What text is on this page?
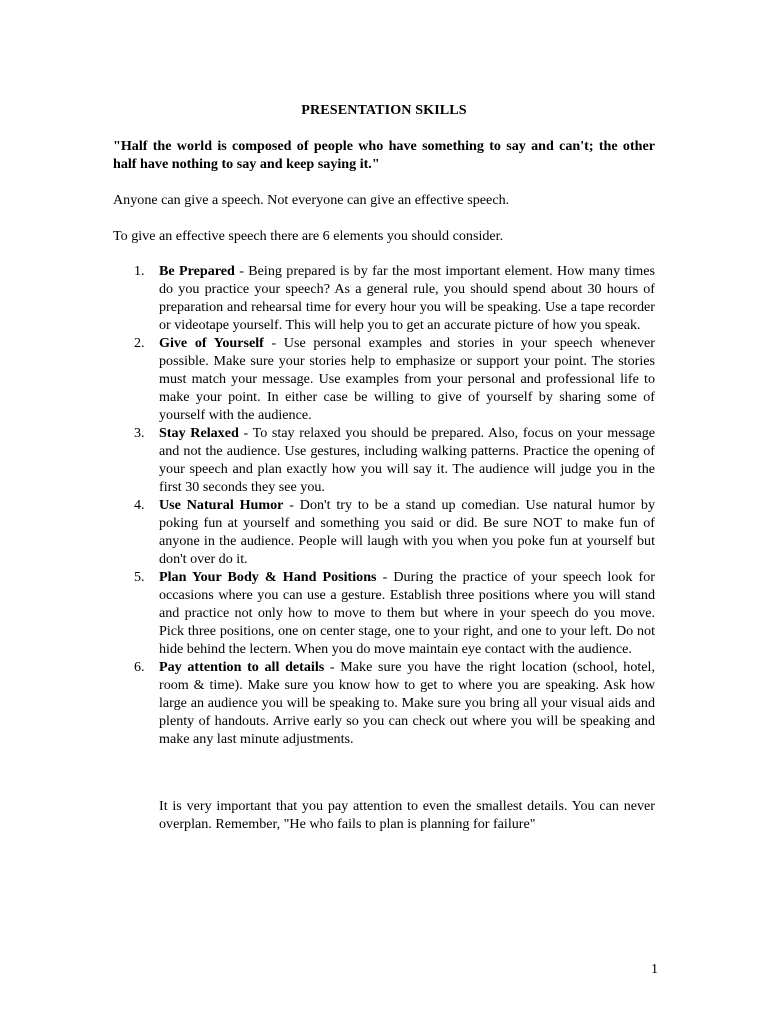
PRESENTATION SKILLS
"Half the world is composed of people who have something to say and can't; the other half have nothing to say and keep saying it."
Anyone can give a speech. Not everyone can give an effective speech.
To give an effective speech there are 6 elements you should consider.
1. Be Prepared - Being prepared is by far the most important element. How many times do you practice your speech? As a general rule, you should spend about 30 hours of preparation and rehearsal time for every hour you will be speaking. Use a tape recorder or videotape yourself. This will help you to get an accurate picture of how you speak.
2. Give of Yourself - Use personal examples and stories in your speech whenever possible. Make sure your stories help to emphasize or support your point. The stories must match your message. Use examples from your personal and professional life to make your point. In either case be willing to give of yourself by sharing some of yourself with the audience.
3. Stay Relaxed - To stay relaxed you should be prepared. Also, focus on your message and not the audience. Use gestures, including walking patterns. Practice the opening of your speech and plan exactly how you will say it. The audience will judge you in the first 30 seconds they see you.
4. Use Natural Humor - Don't try to be a stand up comedian. Use natural humor by poking fun at yourself and something you said or did. Be sure NOT to make fun of anyone in the audience. People will laugh with you when you poke fun at yourself but don't over do it.
5. Plan Your Body & Hand Positions - During the practice of your speech look for occasions where you can use a gesture. Establish three positions where you will stand and practice not only how to move to them but where in your speech do you move. Pick three positions, one on center stage, one to your right, and one to your left. Do not hide behind the lectern. When you do move maintain eye contact with the audience.
6. Pay attention to all details - Make sure you have the right location (school, hotel, room & time). Make sure you know how to get to where you are speaking. Ask how large an audience you will be speaking to. Make sure you bring all your visual aids and plenty of handouts. Arrive early so you can check out where you will be speaking and make any last minute adjustments.
It is very important that you pay attention to even the smallest details. You can never overplan. Remember, "He who fails to plan is planning for failure"
1
